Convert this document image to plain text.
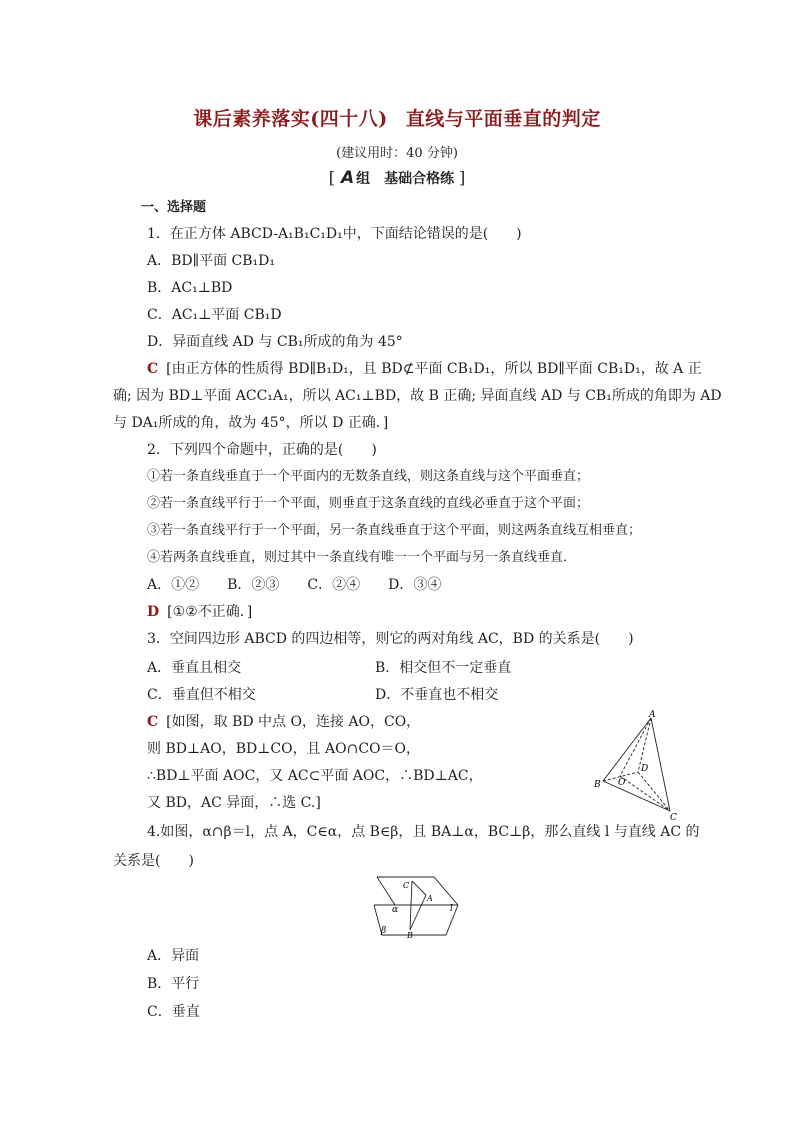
课后素养落实(四十八) 直线与平面垂直的判定
(建议用时：40 分钟)
[ A 组　基础合格练 ]
一、选择题
1．在正方体 ABCD-A₁B₁C₁D₁中，下面结论错误的是(　　)
A．BD∥平面 CB₁D₁
B．AC₁⊥BD
C．AC₁⊥平面 CB₁D
D．异面直线 AD 与 CB₁所成的角为 45°
C [由正方体的性质得 BD∥B₁D₁，且 BD⊄平面 CB₁D₁，所以 BD∥平面 CB₁D₁，故 A 正
确; 因为 BD⊥平面 ACC₁A₁，所以 AC₁⊥BD，故 B 正确; 异面直线 AD 与 CB₁所成的角即为 AD
与 DA₁所成的角，故为 45°，所以 D 正确．]
2．下列四个命题中，正确的是(　　)
①若一条直线垂直于一个平面内的无数条直线，则这条直线与这个平面垂直；
②若一条直线平行于一个平面，则垂直于这条直线的直线必垂直于这个平面；
③若一条直线平行于一个平面，另一条直线垂直于这个平面，则这两条直线互相垂直；
④若两条直线垂直，则过其中一条直线有唯一一个平面与另一条直线垂直．
A．①②　　B．②③　　C．②④　　D．③④
D [①②不正确．]
3．空间四边形 ABCD 的四边相等，则它的两对角线 AC，BD 的关系是(　　)
A．垂直且相交	B．相交但不一定垂直
C．垂直但不相交	D．不垂直也不相交
C [如图，取 BD 中点 O，连接 AO，CO，
则 BD⊥AO，BD⊥CO，且 AO∩CO＝O，
∴BD⊥平面 AOC，又 AC⊂平面 AOC，∴BD⊥AC，
又 BD，AC 异面，∴选 C.]
A
B
C
D
O
4.如图，α∩β＝l，点 A，C∈α，点 B∈β，且 BA⊥α，BC⊥β，那么直线 l 与直线 AC 的
关系是(　　)
C
A
α	l
β	B
A．异面
B．平行
C．垂直
